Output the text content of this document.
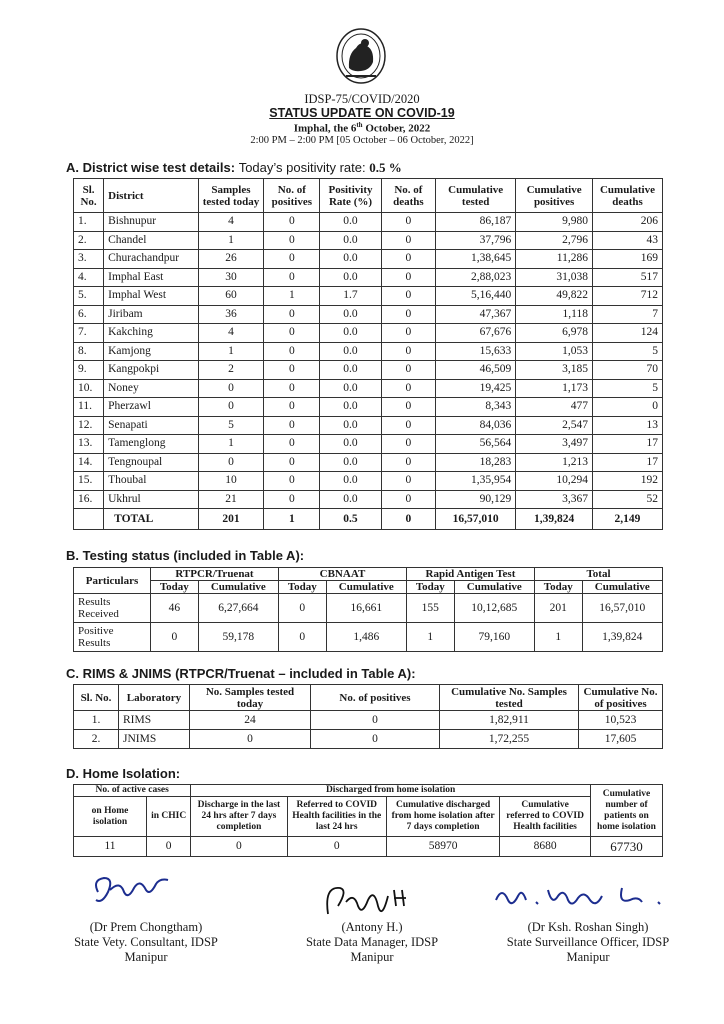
IDSP-75/COVID/2020
STATUS UPDATE ON COVID-19
Imphal, the 6th October, 2022
2:00 PM – 2:00 PM [05 October – 06 October, 2022]
A. District wise test details: Today’s positivity rate: 0.5 %
Sl. No.	District	Samples tested today	No. of positives	Positivity Rate (%)	No. of deaths	Cumulative tested	Cumulative positives	Cumulative deaths
1.	Bishnupur	4	0	0.0	0	86,187	9,980	206
2.	Chandel	1	0	0.0	0	37,796	2,796	43
3.	Churachandpur	26	0	0.0	0	1,38,645	11,286	169
4.	Imphal East	30	0	0.0	0	2,88,023	31,038	517
5.	Imphal West	60	1	1.7	0	5,16,440	49,822	712
6.	Jiribam	36	0	0.0	0	47,367	1,118	7
7.	Kakching	4	0	0.0	0	67,676	6,978	124
8.	Kamjong	1	0	0.0	0	15,633	1,053	5
9.	Kangpokpi	2	0	0.0	0	46,509	3,185	70
10.	Noney	0	0	0.0	0	19,425	1,173	5
11.	Pherzawl	0	0	0.0	0	8,343	477	0
12.	Senapati	5	0	0.0	0	84,036	2,547	13
13.	Tamenglong	1	0	0.0	0	56,564	3,497	17
14.	Tengnoupal	0	0	0.0	0	18,283	1,213	17
15.	Thoubal	10	0	0.0	0	1,35,954	10,294	192
16.	Ukhrul	21	0	0.0	0	90,129	3,367	52
	TOTAL	201	1	0.5	0	16,57,010	1,39,824	2,149
B. Testing status (included in Table A):
Particulars	RTPCR/Truenat		CBNAAT		Rapid Antigen Test		Total	
	Today	Cumulative	Today	Cumulative	Today	Cumulative	Today	Cumulative
Results Received	46	6,27,664	0	16,661	155	10,12,685	201	16,57,010
Positive Results	0	59,178	0	1,486	1	79,160	1	1,39,824
C. RIMS & JNIMS (RTPCR/Truenat – included in Table A):
Sl. No.	Laboratory	No. Samples tested today	No. of positives	Cumulative No. Samples tested	Cumulative No. of positives
1.	RIMS	24	0	1,82,911	10,523
2.	JNIMS	0	0	1,72,255	17,605
D. Home Isolation:
No. of active cases		Discharged from home isolation				Cumulative number of patients on home isolation
on Home isolation	in CHIC	Discharge in the last 24 hrs after 7 days completion	Referred to COVID Health facilities in the last 24 hrs	Cumulative discharged from home isolation after 7 days completion	Cumulative referred to COVID Health facilities	
11	0	0	0	58970	8680	67730
(Dr Prem Chongtham)
State Vety. Consultant, IDSP
Manipur
(Antony H.)
State Data Manager, IDSP
Manipur
(Dr Ksh. Roshan Singh)
State Surveillance Officer, IDSP
Manipur
